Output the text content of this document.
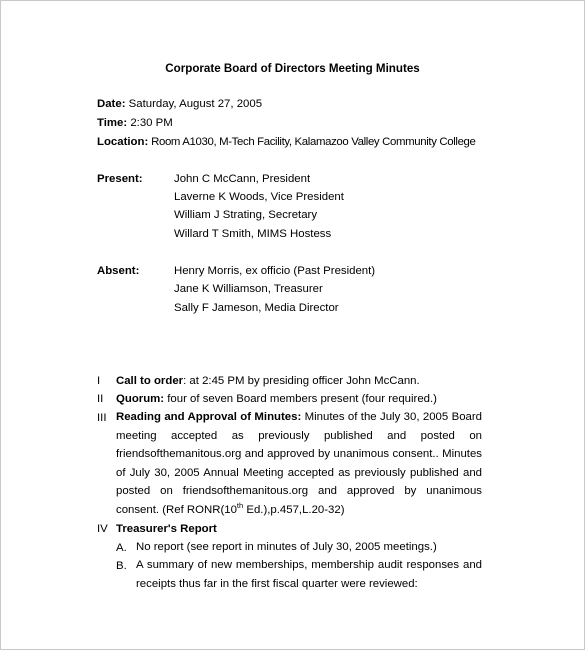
Corporate Board of Directors Meeting Minutes
Date: Saturday, August 27, 2005
Time: 2:30 PM
Location: Room A1030, M-Tech Facility, Kalamazoo Valley Community College
Present:	John C McCann, President
Laverne K Woods, Vice President
William J Strating, Secretary
Willard T Smith, MIMS Hostess
Absent:	Henry Morris, ex officio (Past President)
Jane K Williamson, Treasurer
Sally F Jameson, Media Director
I Call to order: at 2:45 PM by presiding officer John McCann.
II Quorum: four of seven Board members present (four required.)
III Reading and Approval of Minutes: Minutes of the July 30, 2005 Board meeting accepted as previously published and posted on friendsofthemanitous.org and approved by unanimous consent.. Minutes of July 30, 2005 Annual Meeting accepted as previously published and posted on friendsofthemanitous.org and approved by unanimous consent. (Ref RONR(10th Ed.),p.457,L.20-32)
IV Treasurer's Report
A. No report (see report in minutes of July 30, 2005 meetings.)
B. A summary of new memberships, membership audit responses and receipts thus far in the first fiscal quarter were reviewed:
